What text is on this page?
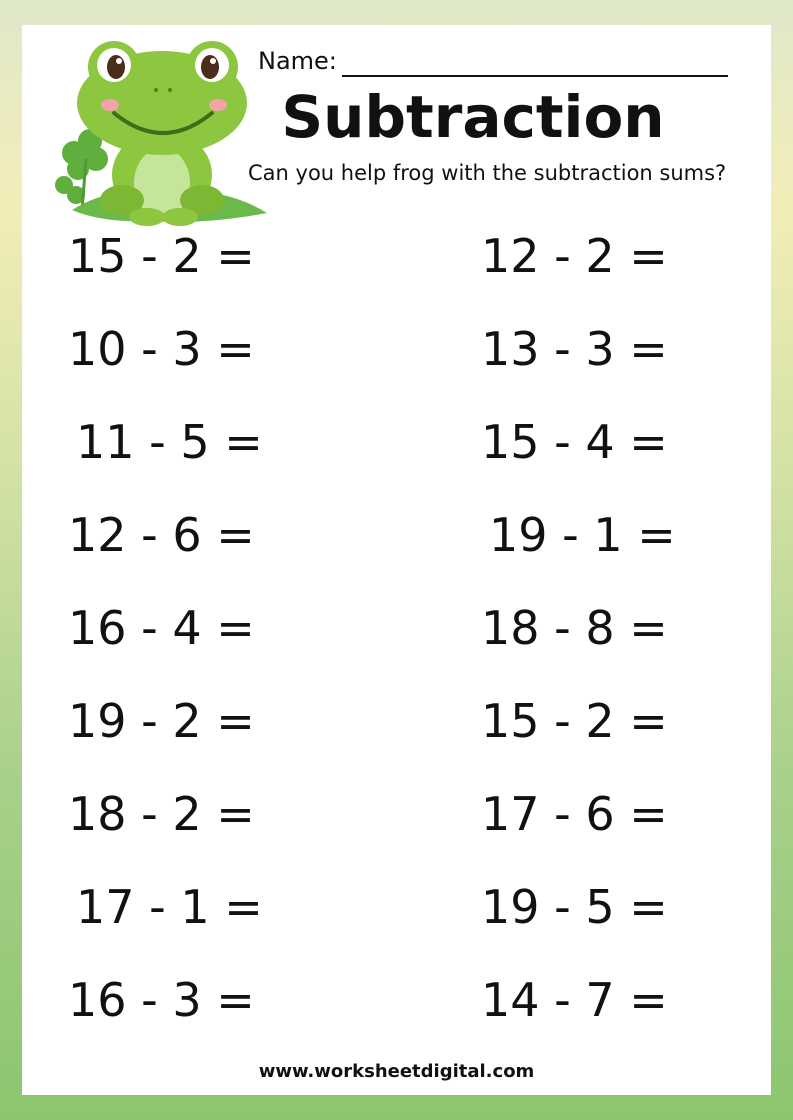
Name:
Subtraction
Can you help frog with the subtraction sums?
15 - 2 =
10 - 3 =
11 - 5 =
12 - 6 =
16 - 4 =
19 - 2 =
18 - 2 =
17 - 1 =
16 - 3 =
12 - 2 =
13 - 3 =
15 - 4 =
19 - 1 =
18 - 8 =
15 - 2 =
17 - 6 =
19 - 5 =
14 - 7 =
www.worksheetdigital.com
